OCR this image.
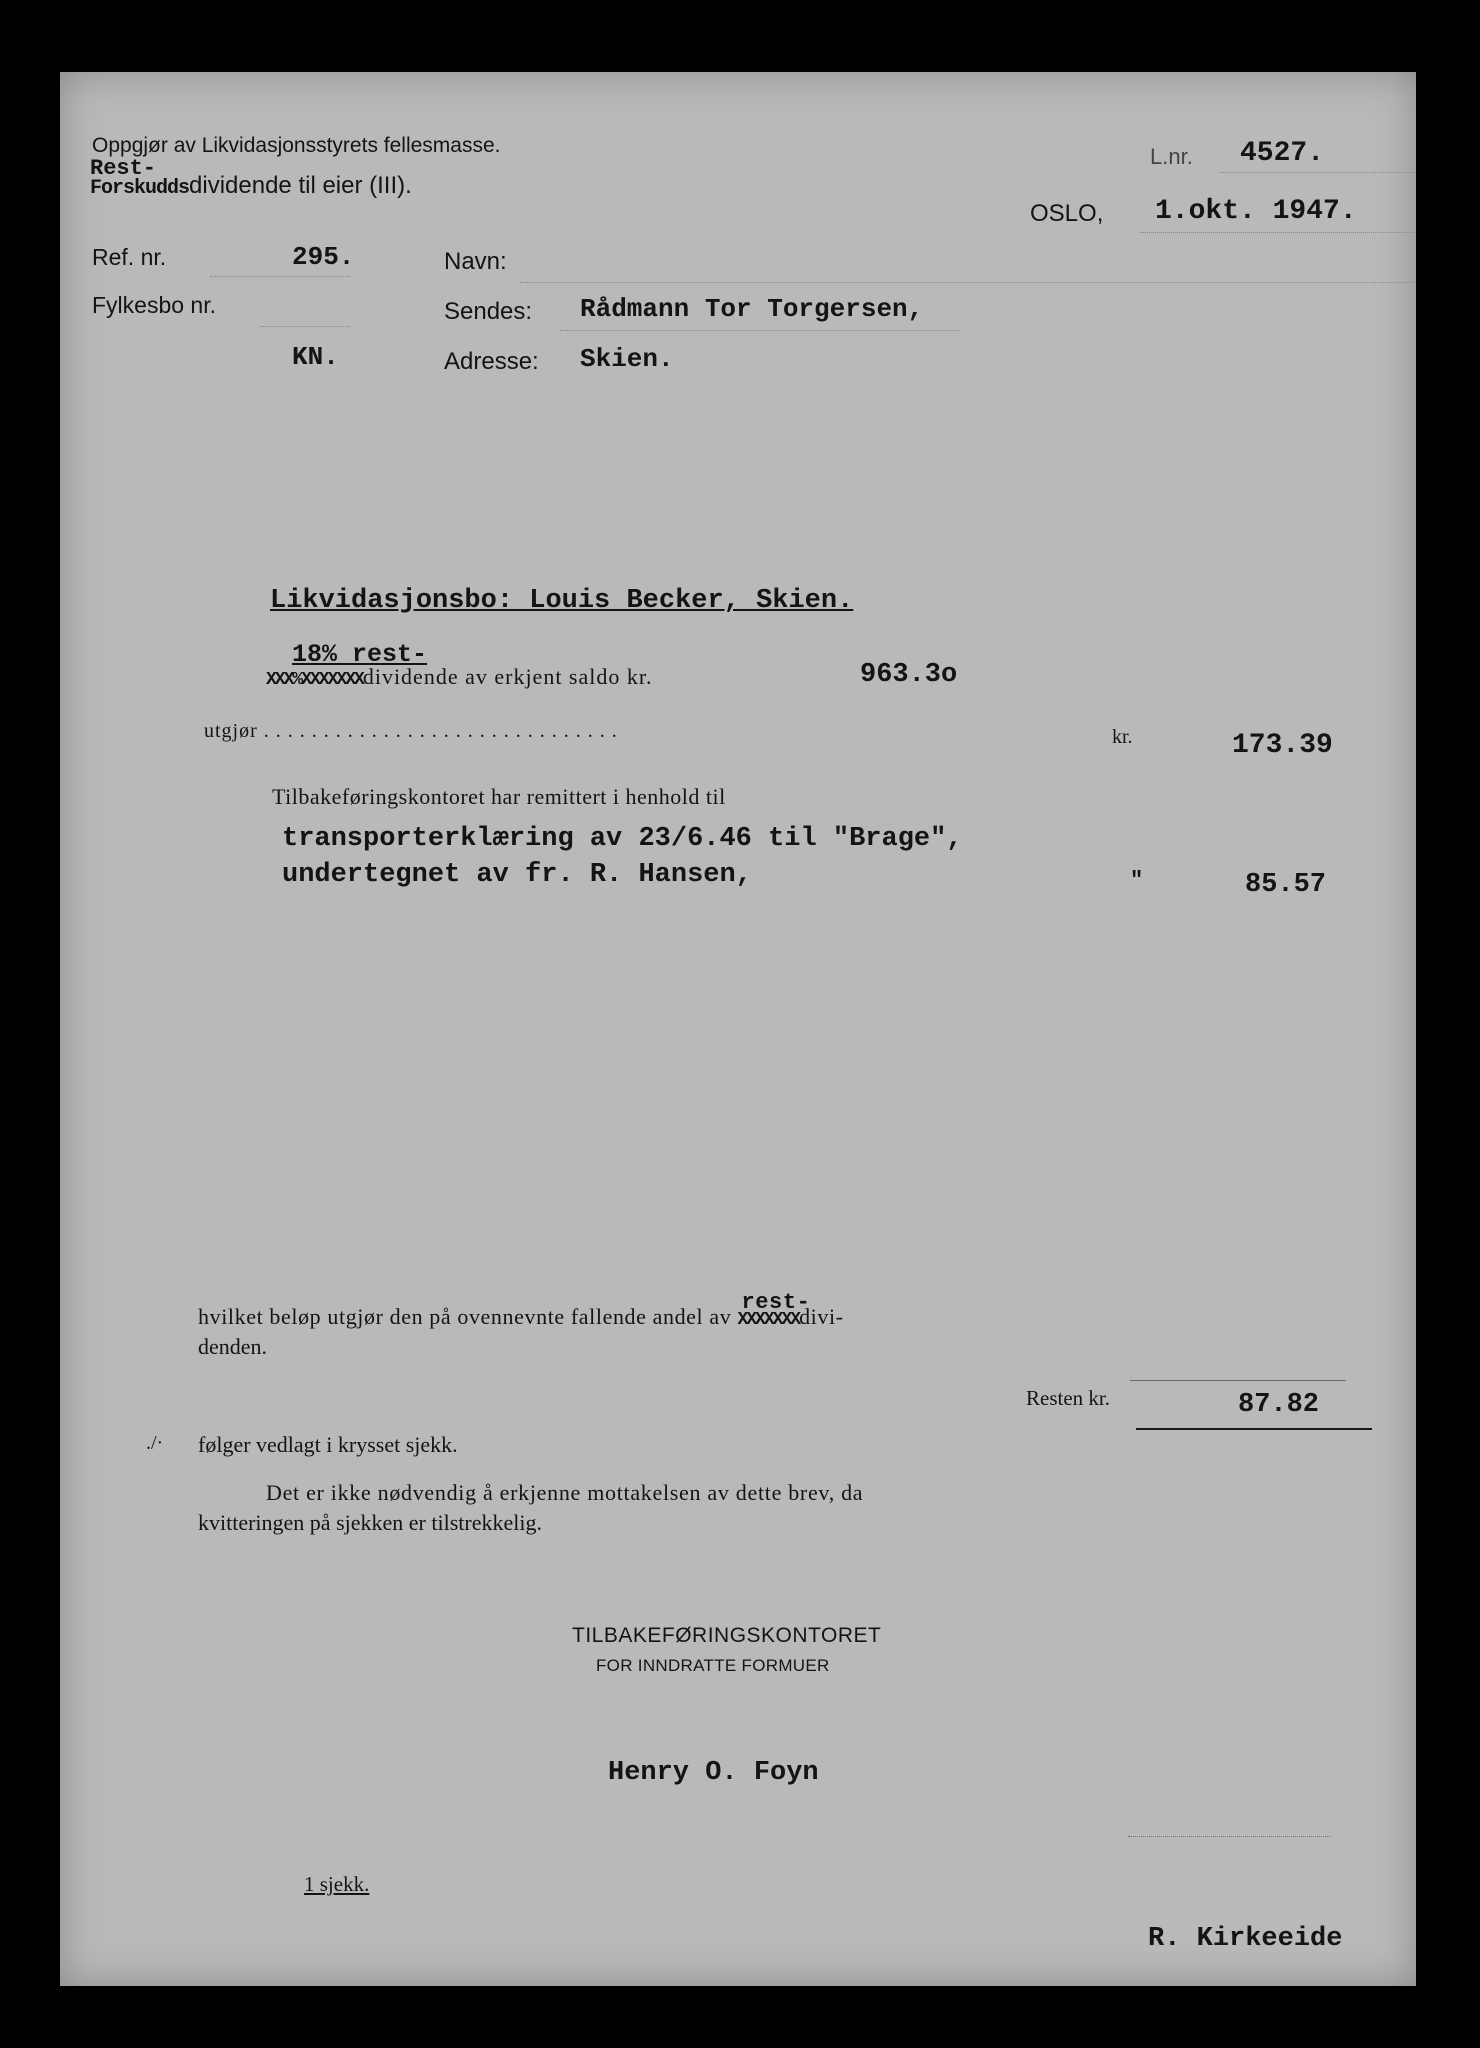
Oppgjør av Likvidasjonsstyrets fellesmasse.
Rest-
Forskuddsdividende til eier (III).
L.nr. 4527.
OSLO, 1.okt. 1947.
Ref. nr.	295.
Fylkesbo nr.
KN.
Navn:
Sendes: Rådmann Tor Torgersen,
Adresse: Skien.
Likvidasjonsbo: Louis Becker, Skien.
18% rest-
XXX%XXXXXXXdividende av erkjent saldo kr.	963.3o
utgjør . . . . . . . . . . . . . . . . . . . . . . . . . . . . . .	kr.	173.39
Tilbakeføringskontoret har remittert i henhold til
transporterklæring av 23/6.46 til "Brage",
undertegnet av fr. R. Hansen,	"	85.57
hvilket beløp utgjør den på ovennevnte fallende andel av
rest-
XXXXXXXdivi-
denden.
Resten kr.	87.82
./· følger vedlagt i krysset sjekk.
Det er ikke nødvendig å erkjenne mottakelsen av dette brev, da
kvitteringen på sjekken er tilstrekkelig.
TILBAKEFØRINGSKONTORET
FOR INNDRATTE FORMUER
Henry O. Foyn
1 sjekk.
R. Kirkeeide
